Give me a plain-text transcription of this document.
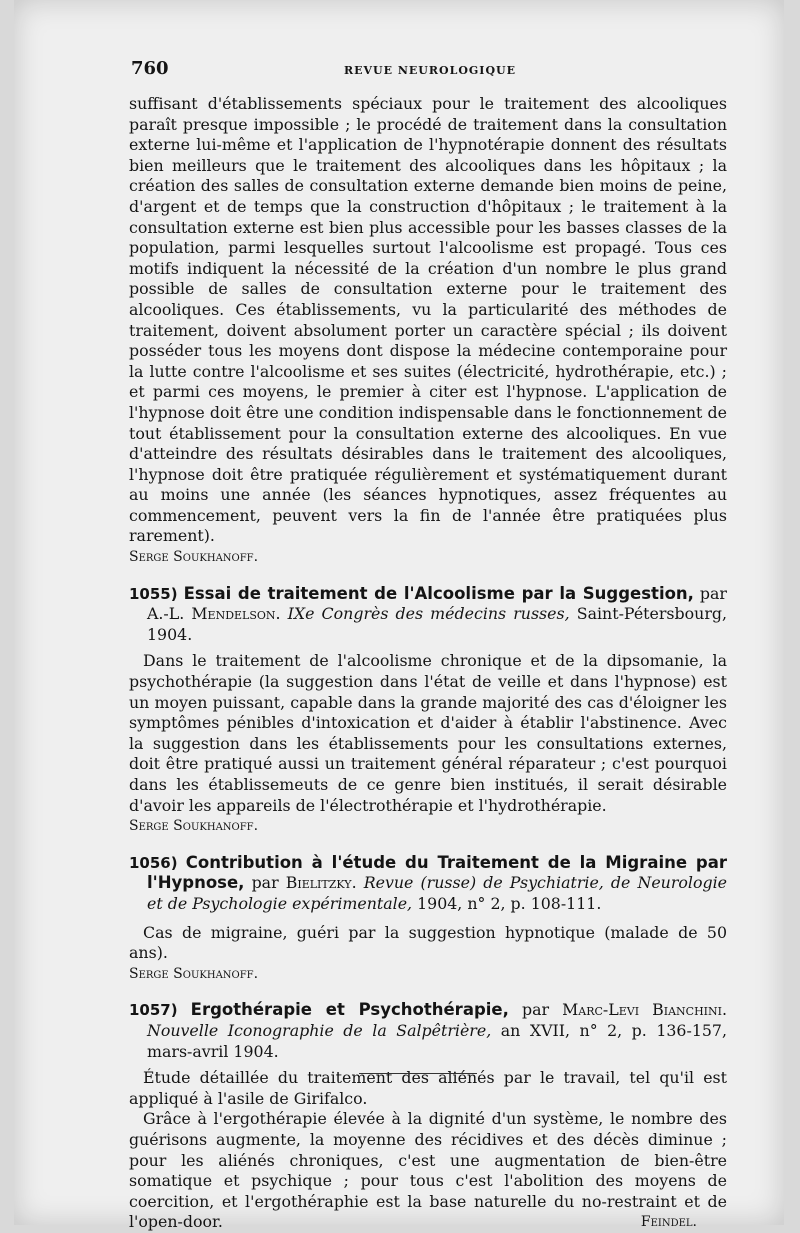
760	REVUE NEUROLOGIQUE

suffisant d'établissements spéciaux pour le traitement des alcooliques paraît presque impossible ; le procédé de traitement dans la consultation externe lui-même et l'application de l'hypnotérapie donnent des résultats bien meilleurs que le traitement des alcooliques dans les hôpitaux ; la création des salles de consultation externe demande bien moins de peine, d'argent et de temps que la construction d'hôpitaux ; le traitement à la consultation externe est bien plus accessible pour les basses classes de la population, parmi lesquelles surtout l'alcoolisme est propagé. Tous ces motifs indiquent la nécessité de la création d'un nombre le plus grand possible de salles de consultation externe pour le traitement des alcooliques. Ces établissements, vu la particularité des méthodes de traitement, doivent absolument porter un caractère spécial ; ils doivent posséder tous les moyens dont dispose la médecine contemporaine pour la lutte contre l'alcoolisme et ses suites (électricité, hydrothérapie, etc.) ; et parmi ces moyens, le premier à citer est l'hypnose. L'application de l'hypnose doit être une condition indispensable dans le fonctionnement de tout établissement pour la consultation externe des alcooliques. En vue d'atteindre des résultats désirables dans le traitement des alcooliques, l'hypnose doit être pratiquée régulièrement et systématiquement durant au moins une année (les séances hypnotiques, assez fréquentes au commencement, peuvent vers la fin de l'année être pratiquées plus rarement).

Serge Soukhanoff.

1055) Essai de traitement de l'Alcoolisme par la Suggestion, par A.-L. Mendelson. IXe Congrès des médecins russes, Saint-Pétersbourg, 1904.

Dans le traitement de l'alcoolisme chronique et de la dipsomanie, la psychothérapie (la suggestion dans l'état de veille et dans l'hypnose) est un moyen puissant, capable dans la grande majorité des cas d'éloigner les symptômes pénibles d'intoxication et d'aider à établir l'abstinence. Avec la suggestion dans les établissements pour les consultations externes, doit être pratiqué aussi un traitement général réparateur ; c'est pourquoi dans les établissemeuts de ce genre bien institués, il serait désirable d'avoir les appareils de l'électrothérapie et l'hydrothérapie.

Serge Soukhanoff.

1056) Contribution à l'étude du Traitement de la Migraine par l'Hypnose, par Bielitzky. Revue (russe) de Psychiatrie, de Neurologie et de Psychologie expérimentale, 1904, n° 2, p. 108-111.

Cas de migraine, guéri par la suggestion hypnotique (malade de 50 ans).

Serge Soukhanoff.

1057) Ergothérapie et Psychothérapie, par Marc-Levi Bianchini. Nouvelle Iconographie de la Salpêtrière, an XVII, n° 2, p. 136-157, mars-avril 1904.

Étude détaillée du traitement des aliénés par le travail, tel qu'il est appliqué à l'asile de Girifalco.

Grâce à l'ergothérapie élevée à la dignité d'un système, le nombre des guérisons augmente, la moyenne des récidives et des décès diminue ; pour les aliénés chroniques, c'est une augmentation de bien-être somatique et psychique ; pour tous c'est l'abolition des moyens de coercition, et l'ergothéraphie est la base naturelle du no-restraint et de l'open-door.	Feindel.
